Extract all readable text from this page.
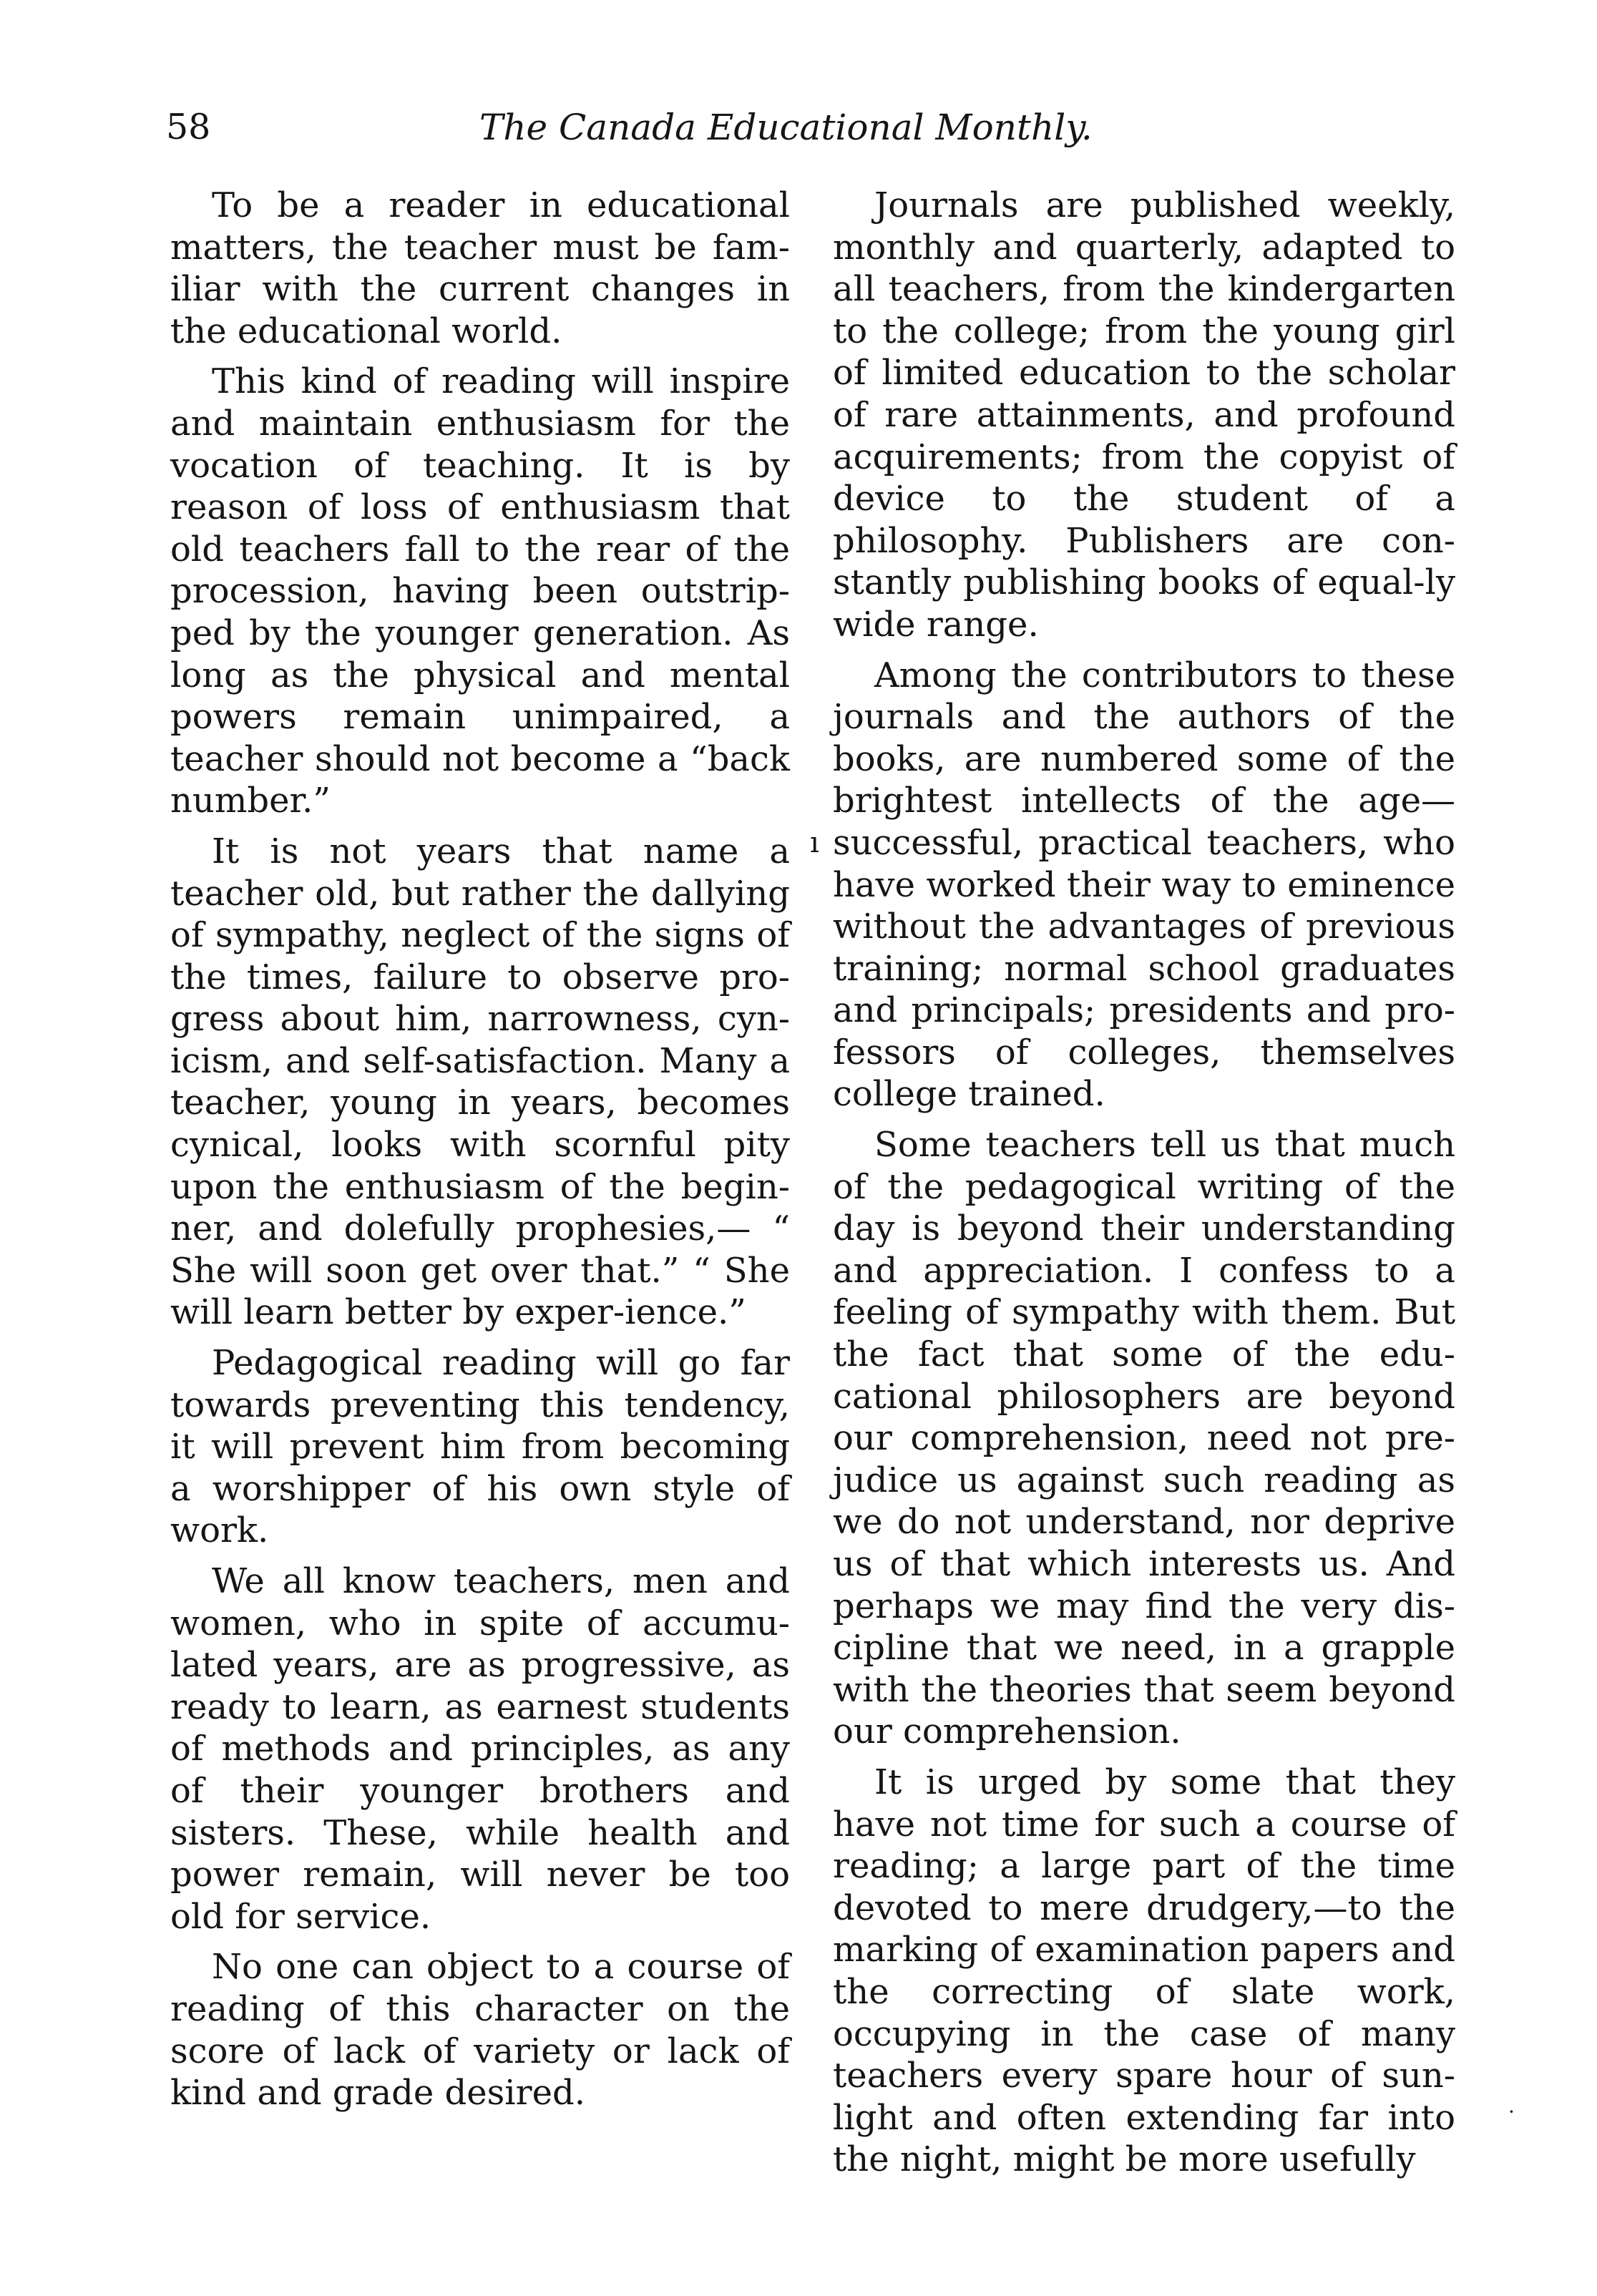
58	The Canada Educational Monthly.

To be a reader in educational matters, the teacher must be fam-iliar with the current changes in the educational world.

This kind of reading will inspire and maintain enthusiasm for the vocation of teaching. It is by reason of loss of enthusiasm that old teachers fall to the rear of the procession, having been outstrip-ped by the younger generation. As long as the physical and mental powers remain unimpaired, a teacher should not become a “back number.”

It is not years that name a teacher old, but rather the dallying of sympathy, neglect of the signs of the times, failure to observe pro-gress about him, narrowness, cyn-icism, and self-satisfaction. Many a teacher, young in years, becomes cynical, looks with scornful pity upon the enthusiasm of the begin-ner, and dolefully prophesies,— “ She will soon get over that.” “ She will learn better by exper-ience.”

Pedagogical reading will go far towards preventing this tendency, it will prevent him from becoming a worshipper of his own style of work.

We all know teachers, men and women, who in spite of accumu-lated years, are as progressive, as ready to learn, as earnest students of methods and principles, as any of their younger brothers and sisters. These, while health and power remain, will never be too old for service.

No one can object to a course of reading of this character on the score of lack of variety or lack of kind and grade desired.

ı

Journals are published weekly, monthly and quarterly, adapted to all teachers, from the kindergarten to the college; from the young girl of limited education to the scholar of rare attainments, and profound acquirements; from the copyist of device to the student of a philosophy. Publishers are con-stantly publishing books of equal-ly wide range.

Among the contributors to these journals and the authors of the books, are numbered some of the brightest intellects of the age— successful, practical teachers, who have worked their way to eminence without the advantages of previous training; normal school graduates and principals; presidents and pro-fessors of colleges, themselves college trained.

Some teachers tell us that much of the pedagogical writing of the day is beyond their understanding and appreciation. I confess to a feeling of sympathy with them. But the fact that some of the edu-cational philosophers are beyond our comprehension, need not pre-judice us against such reading as we do not understand, nor deprive us of that which interests us. And perhaps we may find the very dis-cipline that we need, in a grapple with the theories that seem beyond our comprehension.

It is urged by some that they have not time for such a course of reading; a large part of the time devoted to mere drudgery,—to the marking of examination papers and the correcting of slate work, occupying in the case of many teachers every spare hour of sun-light and often extending far into the night, might be more usefully

·
